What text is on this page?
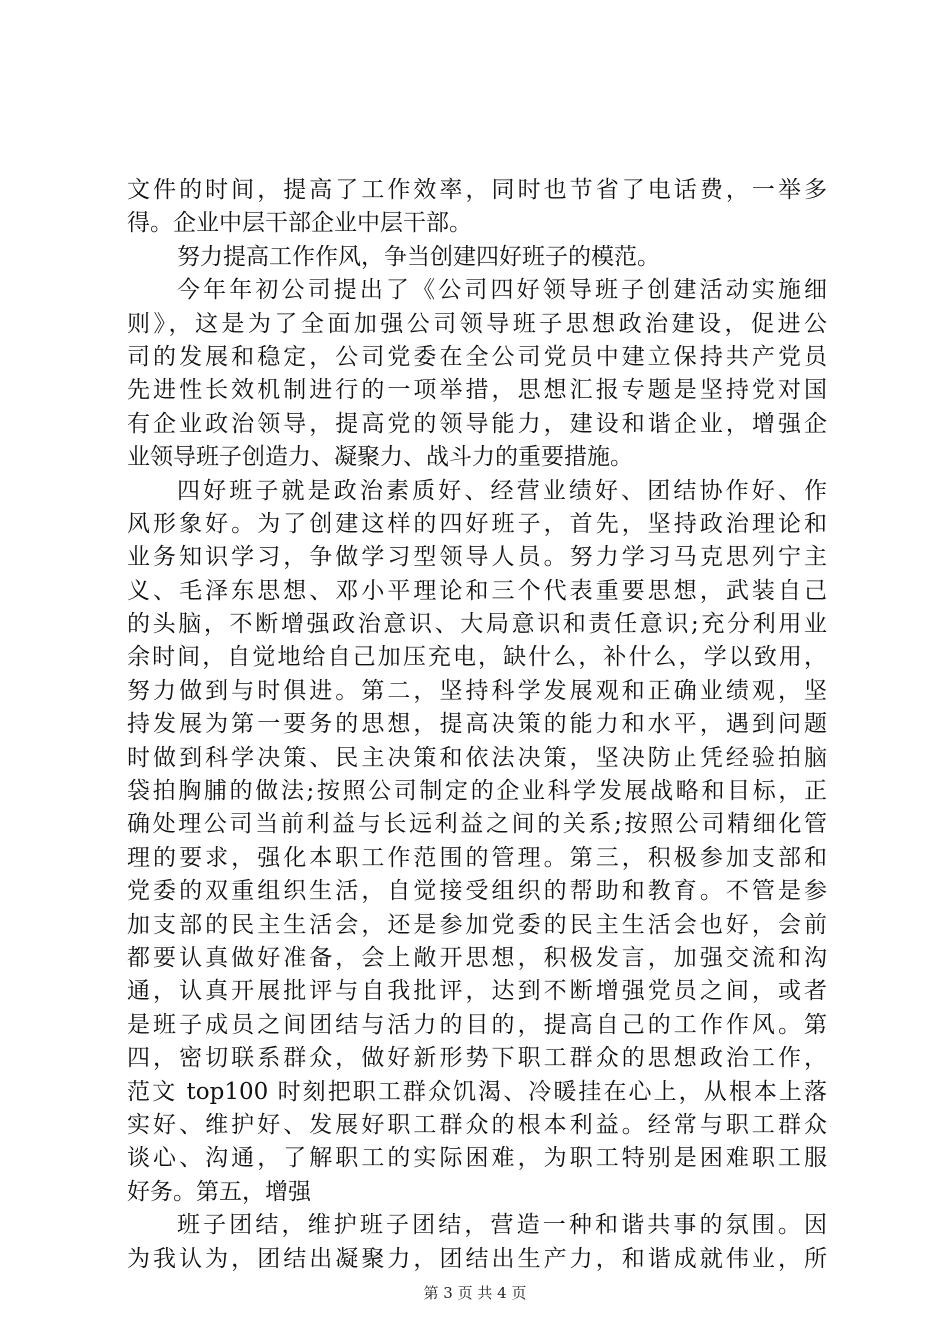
文件的时间，提高了工作效率，同时也节省了电话费，一举多
得。企业中层干部企业中层干部。
努力提高工作作风，争当创建四好班子的模范。
今年年初公司提出了《公司四好领导班子创建活动实施细
则》，这是为了全面加强公司领导班子思想政治建设，促进公
司的发展和稳定，公司党委在全公司党员中建立保持共产党员
先进性长效机制进行的一项举措，思想汇报专题是坚持党对国
有企业政治领导，提高党的领导能力，建设和谐企业，增强企
业领导班子创造力、凝聚力、战斗力的重要措施。
四好班子就是政治素质好、经营业绩好、团结协作好、作
风形象好。为了创建这样的四好班子，首先，坚持政治理论和
业务知识学习，争做学习型领导人员。努力学习马克思列宁主
义、毛泽东思想、邓小平理论和三个代表重要思想，武装自己
的头脑，不断增强政治意识、大局意识和责任意识;充分利用业
余时间，自觉地给自己加压充电，缺什么，补什么，学以致用，
努力做到与时俱进。第二，坚持科学发展观和正确业绩观，坚
持发展为第一要务的思想，提高决策的能力和水平，遇到问题
时做到科学决策、民主决策和依法决策，坚决防止凭经验拍脑
袋拍胸脯的做法;按照公司制定的企业科学发展战略和目标，正
确处理公司当前利益与长远利益之间的关系;按照公司精细化管
理的要求，强化本职工作范围的管理。第三，积极参加支部和
党委的双重组织生活，自觉接受组织的帮助和教育。不管是参
加支部的民主生活会，还是参加党委的民主生活会也好，会前
都要认真做好准备，会上敞开思想，积极发言，加强交流和沟
通，认真开展批评与自我批评，达到不断增强党员之间，或者
是班子成员之间团结与活力的目的，提高自己的工作作风。第
四，密切联系群众，做好新形势下职工群众的思想政治工作，
范文 top100 时刻把职工群众饥渴、冷暖挂在心上，从根本上落
实好、维护好、发展好职工群众的根本利益。经常与职工群众
谈心、沟通，了解职工的实际困难，为职工特别是困难职工服
好务。第五，增强
班子团结，维护班子团结，营造一种和谐共事的氛围。因
为我认为，团结出凝聚力，团结出生产力，和谐成就伟业，所
第 3 页 共 4 页
